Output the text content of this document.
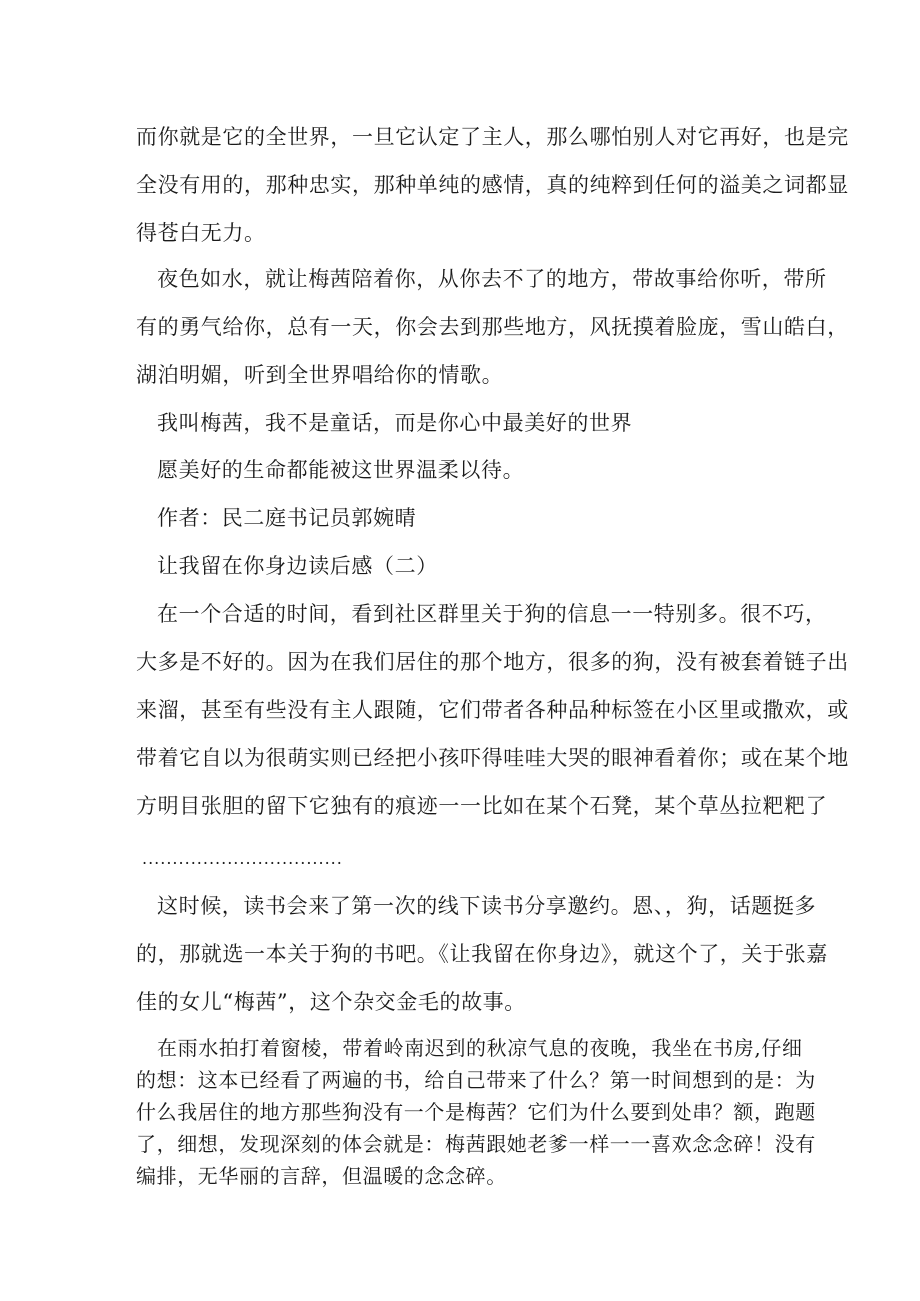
而你就是它的全世界，一旦它认定了主人，那么哪怕别人对它再好，也是完
全没有用的，那种忠实，那种单纯的感情，真的纯粹到任何的溢美之词都显
得苍白无力。

夜色如水，就让梅茜陪着你，从你去不了的地方，带故事给你听，带所
有的勇气给你，总有一天，你会去到那些地方，风抚摸着脸庞，雪山皓白，
湖泊明媚，听到全世界唱给你的情歌。

我叫梅茜，我不是童话，而是你心中最美好的世界

愿美好的生命都能被这世界温柔以待。

作者：民二庭书记员郭婉晴

让我留在你身边读后感（二）

在一个合适的时间，看到社区群里关于狗的信息一一特别多。很不巧，
大多是不好的。因为在我们居住的那个地方，很多的狗，没有被套着链子出
来溜，甚至有些没有主人跟随，它们带者各种品种标签在小区里或撒欢，或
带着它自以为很萌实则已经把小孩吓得哇哇大哭的眼神看着你；或在某个地
方明目张胆的留下它独有的痕迹一一比如在某个石凳，某个草丛拉粑粑了

.................................

这时候，读书会来了第一次的线下读书分享邀约。恩、，狗，话题挺多
的，那就选一本关于狗的书吧。《让我留在你身边》，就这个了，关于张嘉
佳的女儿“梅茜”，这个杂交金毛的故事。

在雨水拍打着窗棱，带着岭南迟到的秋凉气息的夜晚，我坐在书房,仔细
的想：这本已经看了两遍的书，给自己带来了什么？第一时间想到的是：为
什么我居住的地方那些狗没有一个是梅茜？它们为什么要到处串？额，跑题
了，细想，发现深刻的体会就是：梅茜跟她老爹一样一一喜欢念念碎！没有
编排，无华丽的言辞，但温暖的念念碎。
